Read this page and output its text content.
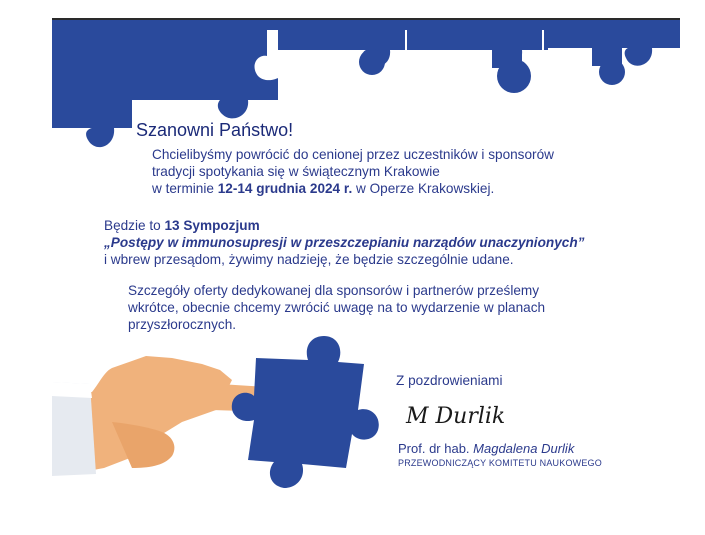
Szanowni Państwo!
Chcielibyśmy powrócić do cenionej przez uczestników i sponsorów
tradycji spotykania się w świątecznym Krakowie
w terminie 12-14 grudnia 2024 r. w Operze Krakowskiej.
Będzie to 13 Sympozjum
„Postępy w immunosupresji w przeszczepianiu narządów unaczynionych”
i wbrew przesądom, żywimy nadzieję, że będzie szczególnie udane.
Szczegóły oferty dedykowanej dla sponsorów i partnerów prześlemy
wkrótce, obecnie chcemy zwrócić uwagę na to wydarzenie w planach
przyszłorocznych.
Z pozdrowieniami
M Durlik
Prof. dr hab. Magdalena Durlik
PRZEWODNICZĄCY KOMITETU NAUKOWEGO
